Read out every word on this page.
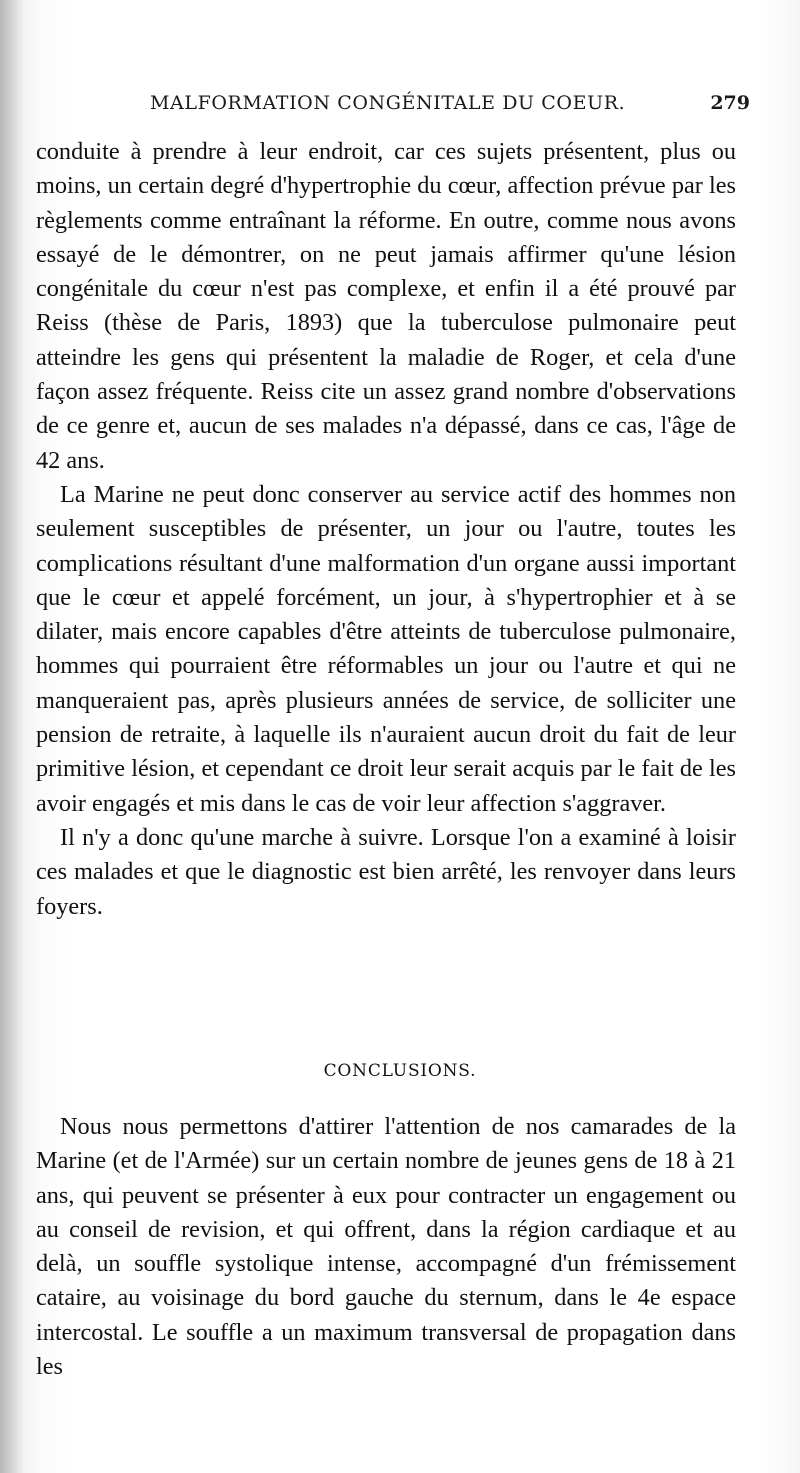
MALFORMATION CONGÉNITALE DU COEUR.	279

conduite à prendre à leur endroit, car ces sujets présentent, plus ou moins, un certain degré d'hypertrophie du cœur, affection prévue par les règlements comme entraînant la réforme. En outre, comme nous avons essayé de le démontrer, on ne peut jamais affirmer qu'une lésion congénitale du cœur n'est pas complexe, et enfin il a été prouvé par Reiss (thèse de Paris, 1893) que la tuberculose pulmonaire peut atteindre les gens qui présentent la maladie de Roger, et cela d'une façon assez fréquente. Reiss cite un assez grand nombre d'observations de ce genre et, aucun de ses malades n'a dépassé, dans ce cas, l'âge de 42 ans.

La Marine ne peut donc conserver au service actif des hommes non seulement susceptibles de présenter, un jour ou l'autre, toutes les complications résultant d'une malformation d'un organe aussi important que le cœur et appelé forcément, un jour, à s'hypertrophier et à se dilater, mais encore capables d'être atteints de tuberculose pulmonaire, hommes qui pourraient être réformables un jour ou l'autre et qui ne manqueraient pas, après plusieurs années de service, de solliciter une pension de retraite, à laquelle ils n'auraient aucun droit du fait de leur primitive lésion, et cependant ce droit leur serait acquis par le fait de les avoir engagés et mis dans le cas de voir leur affection s'aggraver.

Il n'y a donc qu'une marche à suivre. Lorsque l'on a examiné à loisir ces malades et que le diagnostic est bien arrêté, les renvoyer dans leurs foyers.

CONCLUSIONS.

Nous nous permettons d'attirer l'attention de nos camarades de la Marine (et de l'Armée) sur un certain nombre de jeunes gens de 18 à 21 ans, qui peuvent se présenter à eux pour contracter un engagement ou au conseil de revision, et qui offrent, dans la région cardiaque et au delà, un souffle systolique intense, accompagné d'un frémissement cataire, au voisinage du bord gauche du sternum, dans le 4e espace intercostal. Le souffle a un maximum transversal de propagation dans les
